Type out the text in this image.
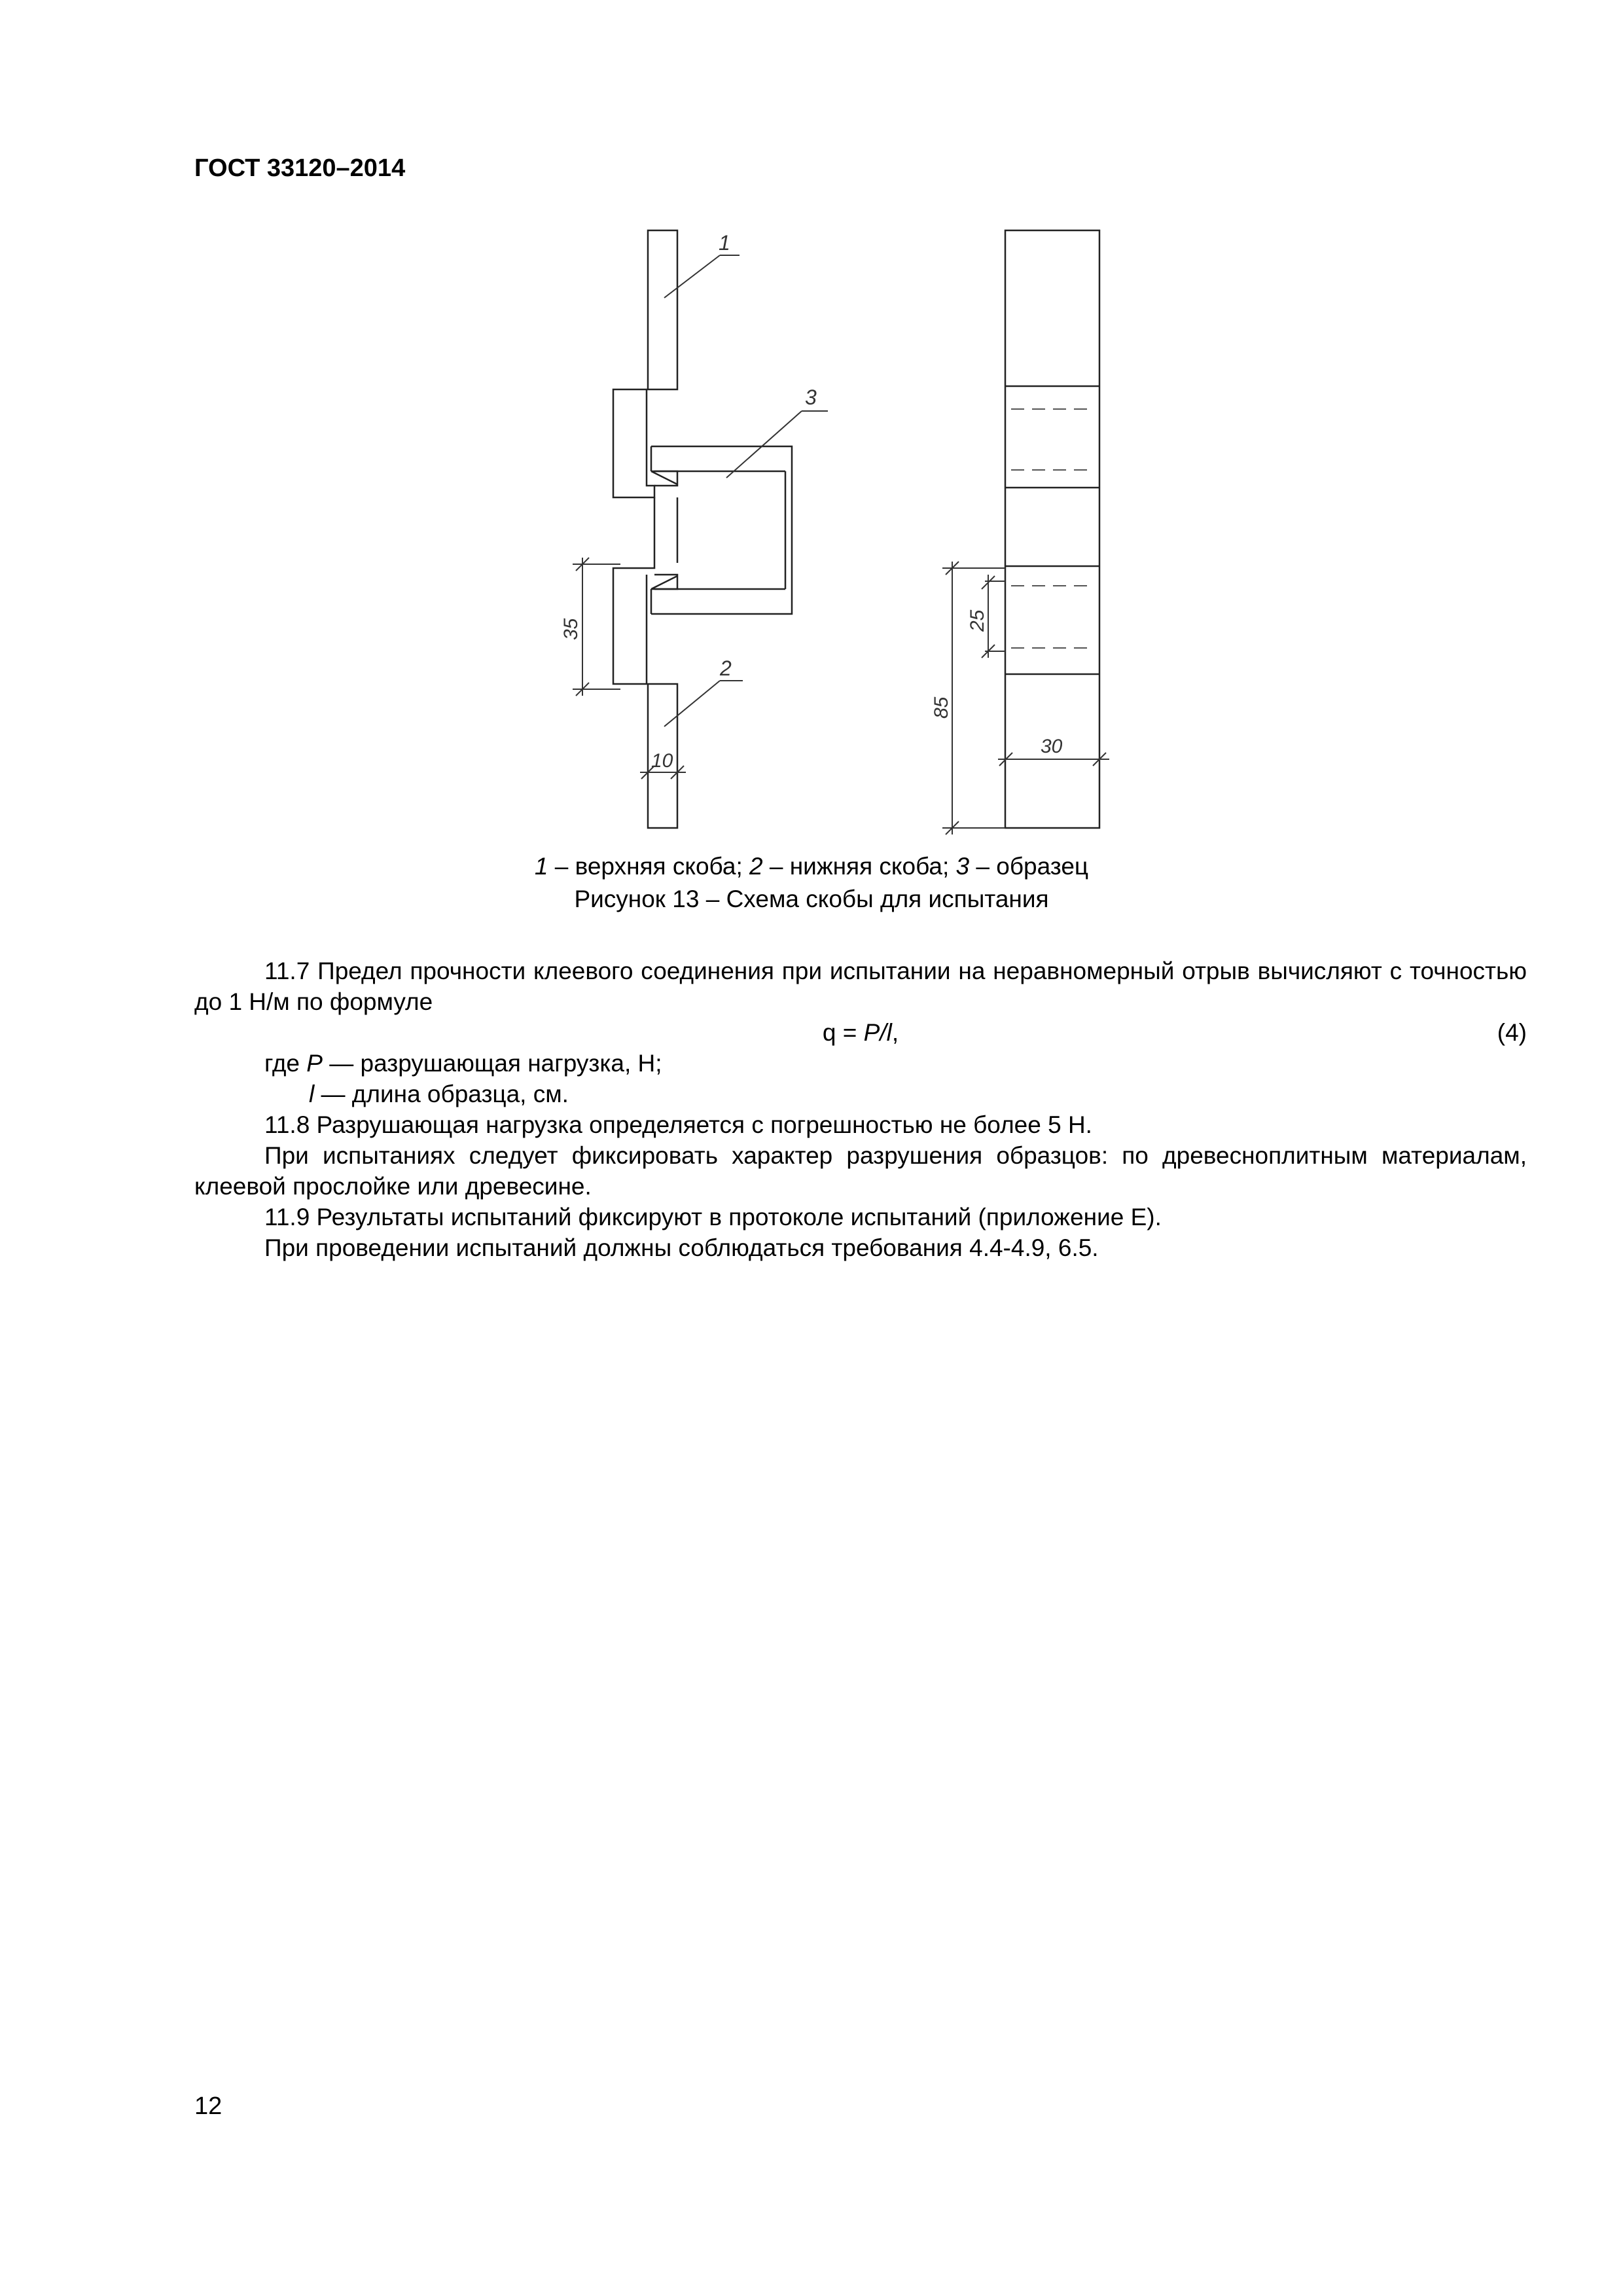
ГОСТ 33120–2014
1
3
2
35
10
25
85
30
1 – верхняя скоба; 2 – нижняя скоба; 3 – образец
Рисунок 13 – Схема скобы для испытания

11.7 Предел прочности клеевого соединения при испытании на неравномерный отрыв вычисляют с точностью до 1 Н/м по формуле

q = P/l,	(4)
где P — разрушающая нагрузка, Н;
l — длина образца, см.

11.8 Разрушающая нагрузка определяется с погрешностью не более 5 Н.

При испытаниях следует фиксировать характер разрушения образцов: по древесноплитным материалам, клеевой прослойке или древесине.

11.9 Результаты испытаний фиксируют в протоколе испытаний (приложение Е).

При проведении испытаний должны соблюдаться требования 4.4-4.9, 6.5.

12
